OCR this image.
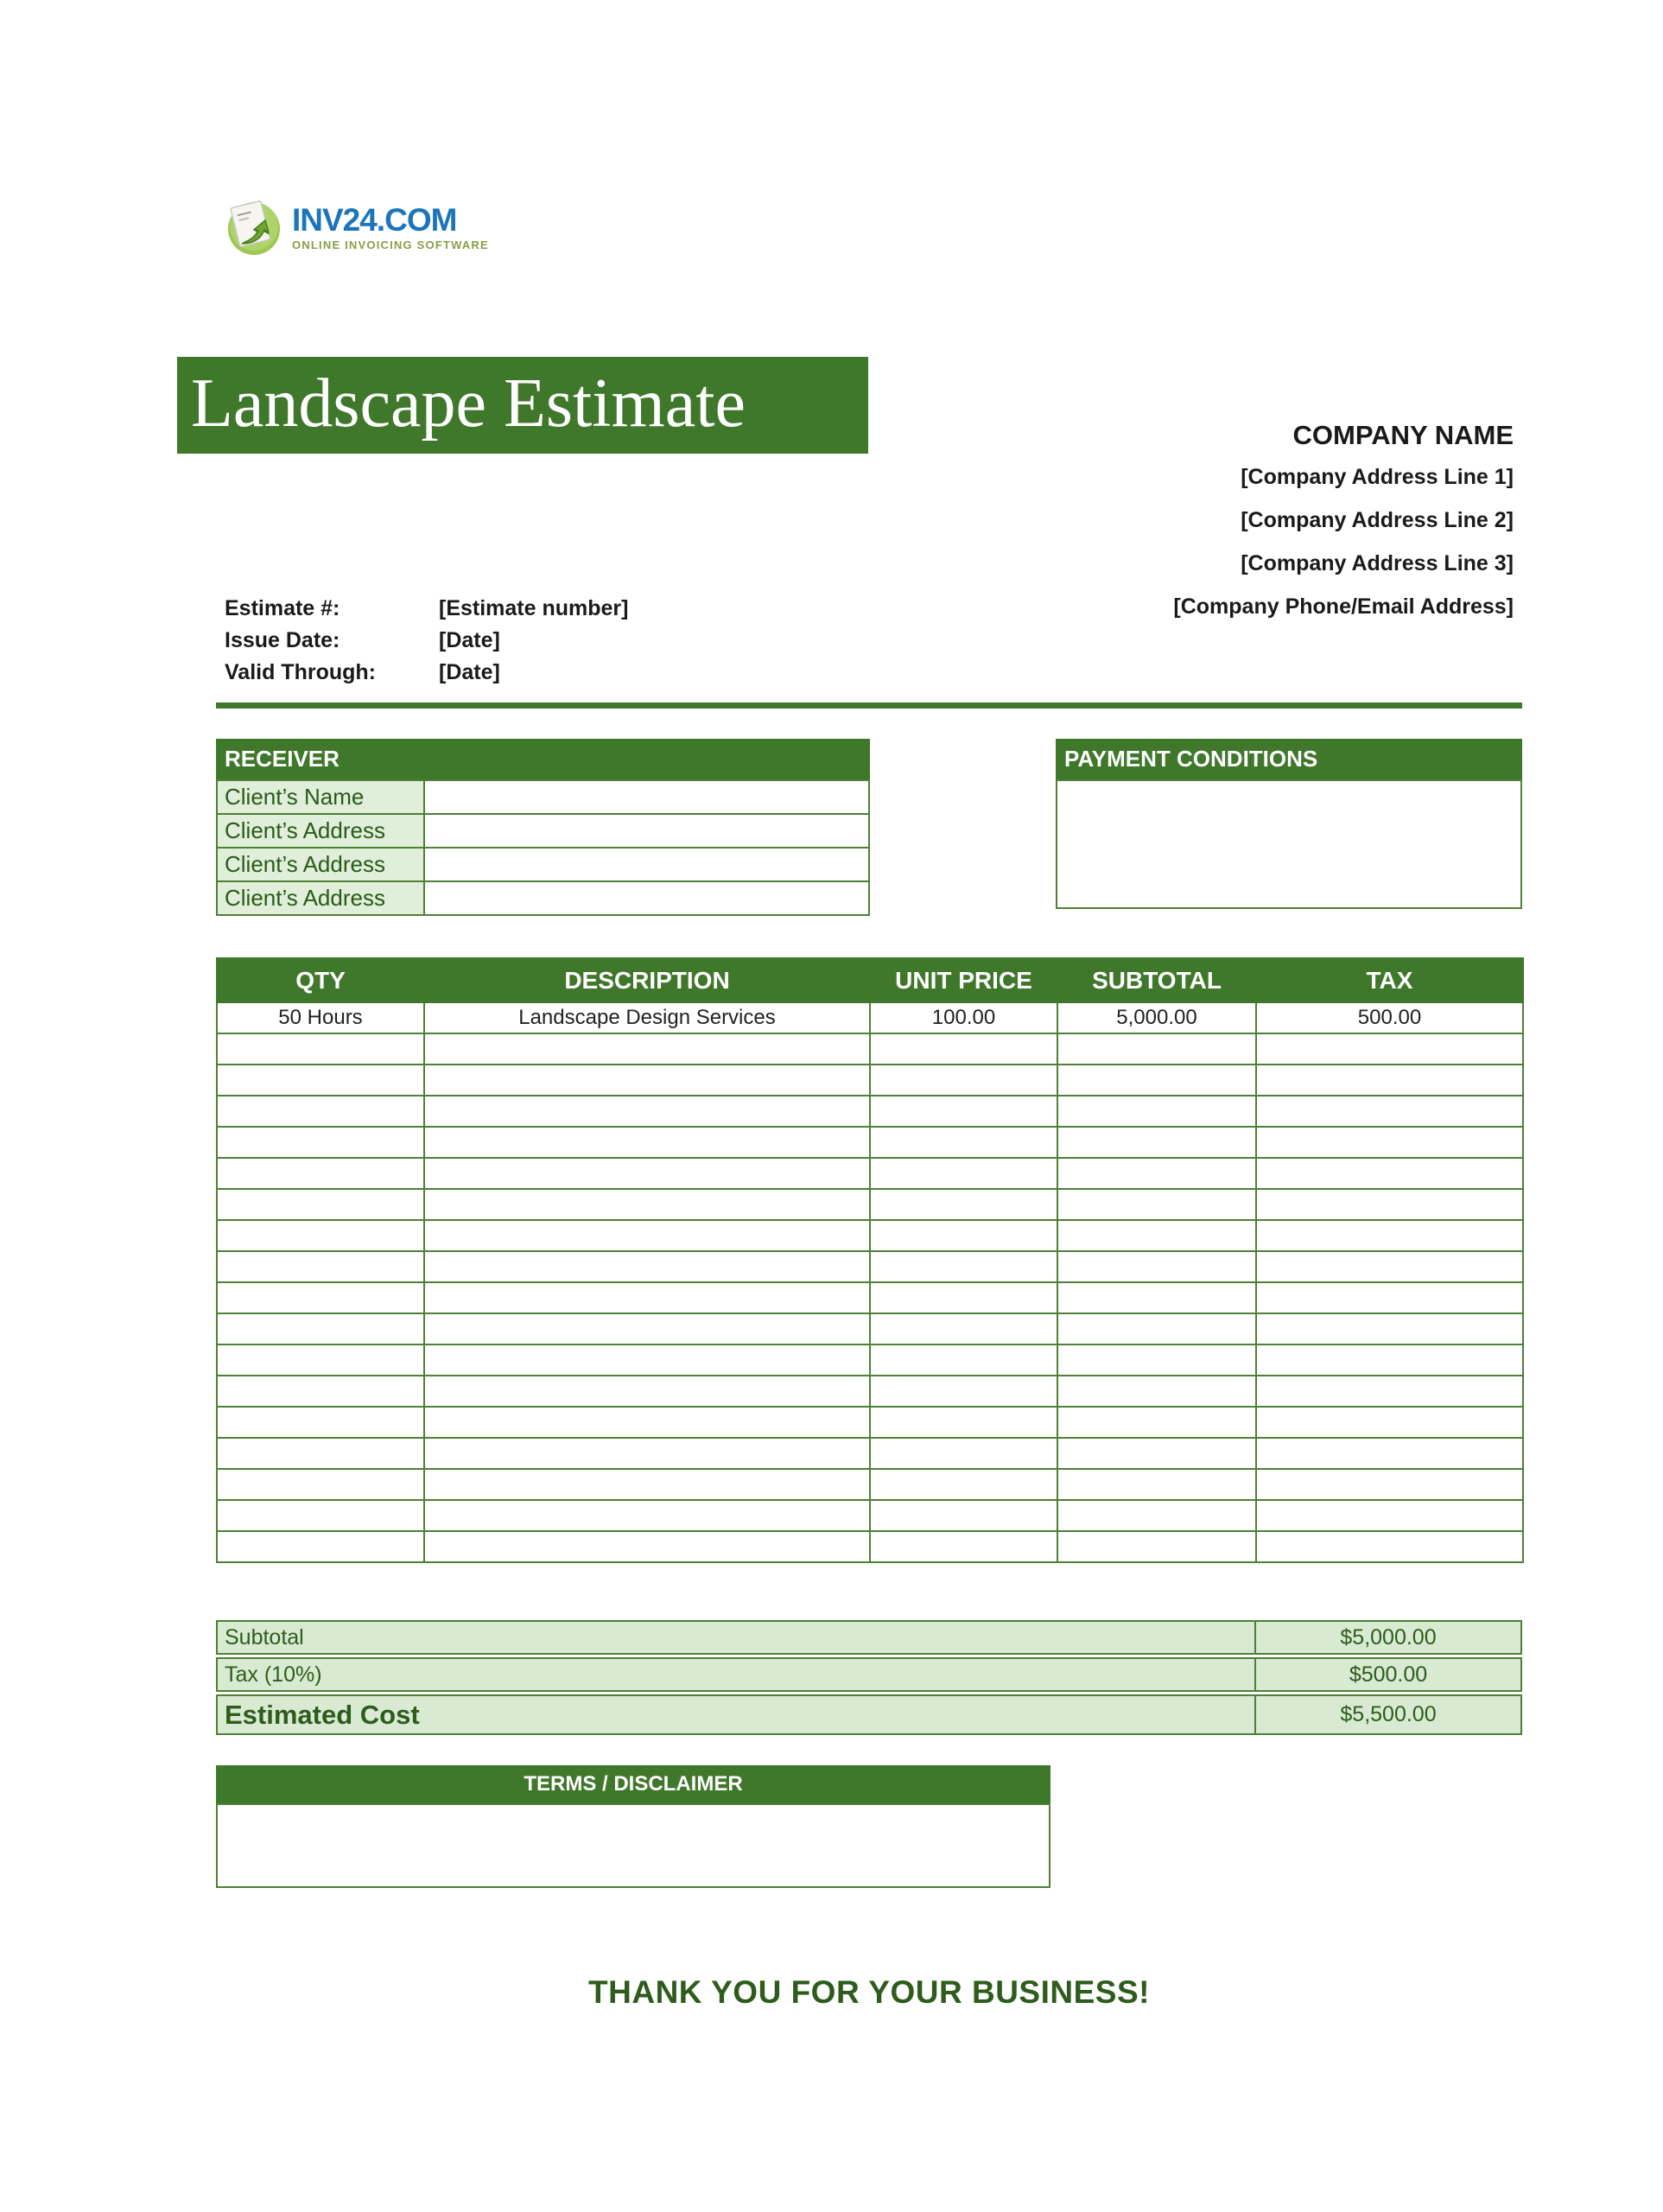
INV24.COM
ONLINE INVOICING SOFTWARE
Landscape Estimate	COMPANY NAME
[Company Address Line 1]
[Company Address Line 2]
[Company Address Line 3]
[Company Phone/Email Address]
Estimate #:	[Estimate number]
Issue Date:	[Date]
Valid Through:	[Date]
RECEIVER
Client’s Name	
Client’s Address	
Client’s Address	
Client’s Address	
PAYMENT CONDITIONS
QTY	DESCRIPTION	UNIT PRICE	SUBTOTAL	TAX
50 Hours	Landscape Design Services	100.00	5,000.00	500.00

Subtotal	$5,000.00
Tax (10%)	$500.00
Estimated Cost	$5,500.00
TERMS / DISCLAIMER
THANK YOU FOR YOUR BUSINESS!
